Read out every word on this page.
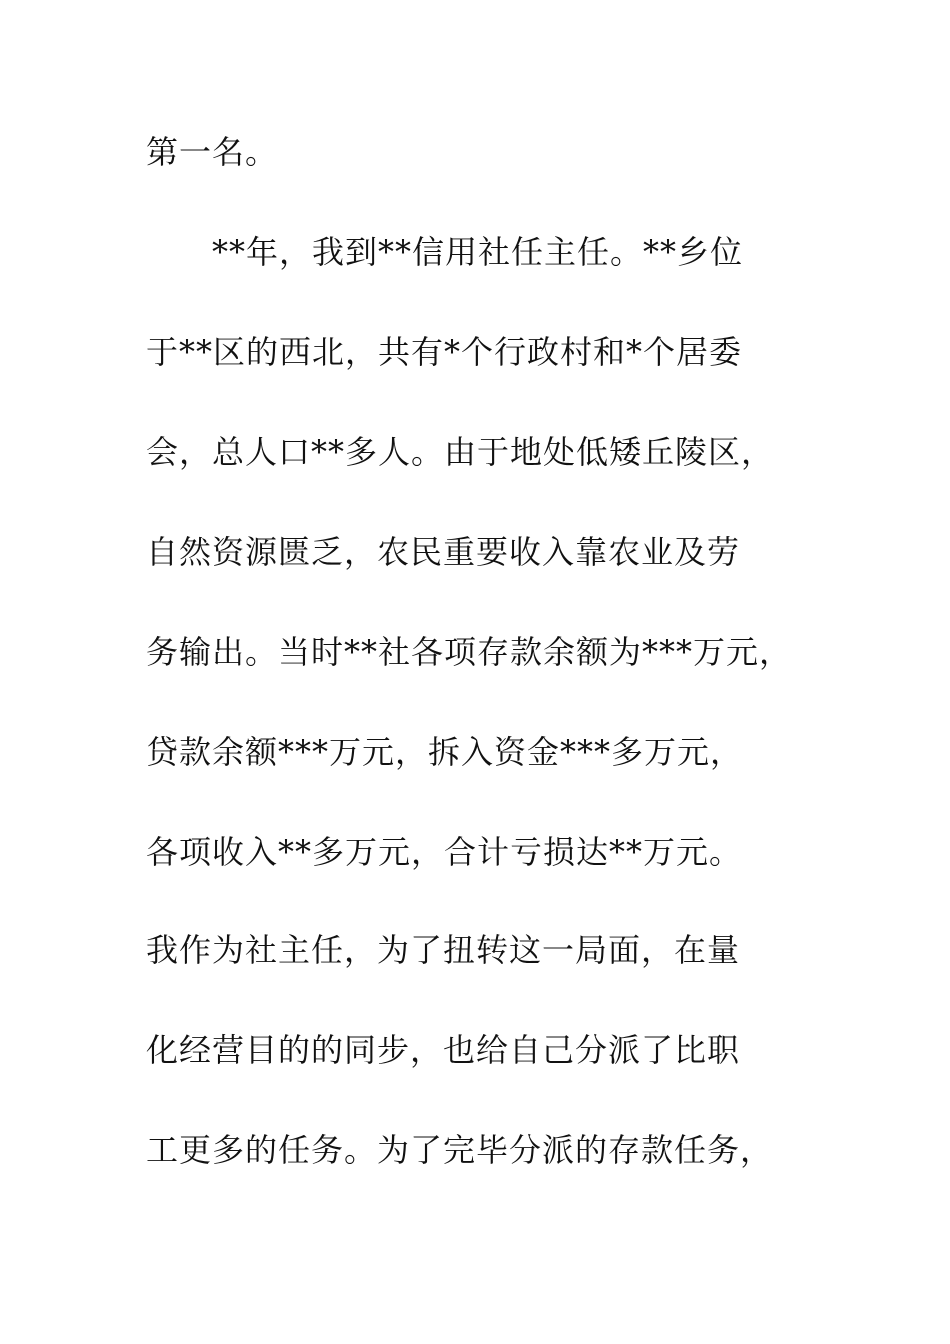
第一名。
**年，我到**信用社任主任。**乡位
于**区的西北，共有*个行政村和*个居委
会，总人口**多人。由于地处低矮丘陵区，
自然资源匮乏，农民重要收入靠农业及劳
务输出。当时**社各项存款余额为***万元，
贷款余额***万元，拆入资金***多万元，
各项收入**多万元，合计亏损达**万元。
我作为社主任，为了扭转这一局面，在量
化经营目的的同步，也给自己分派了比职
工更多的任务。为了完毕分派的存款任务，
